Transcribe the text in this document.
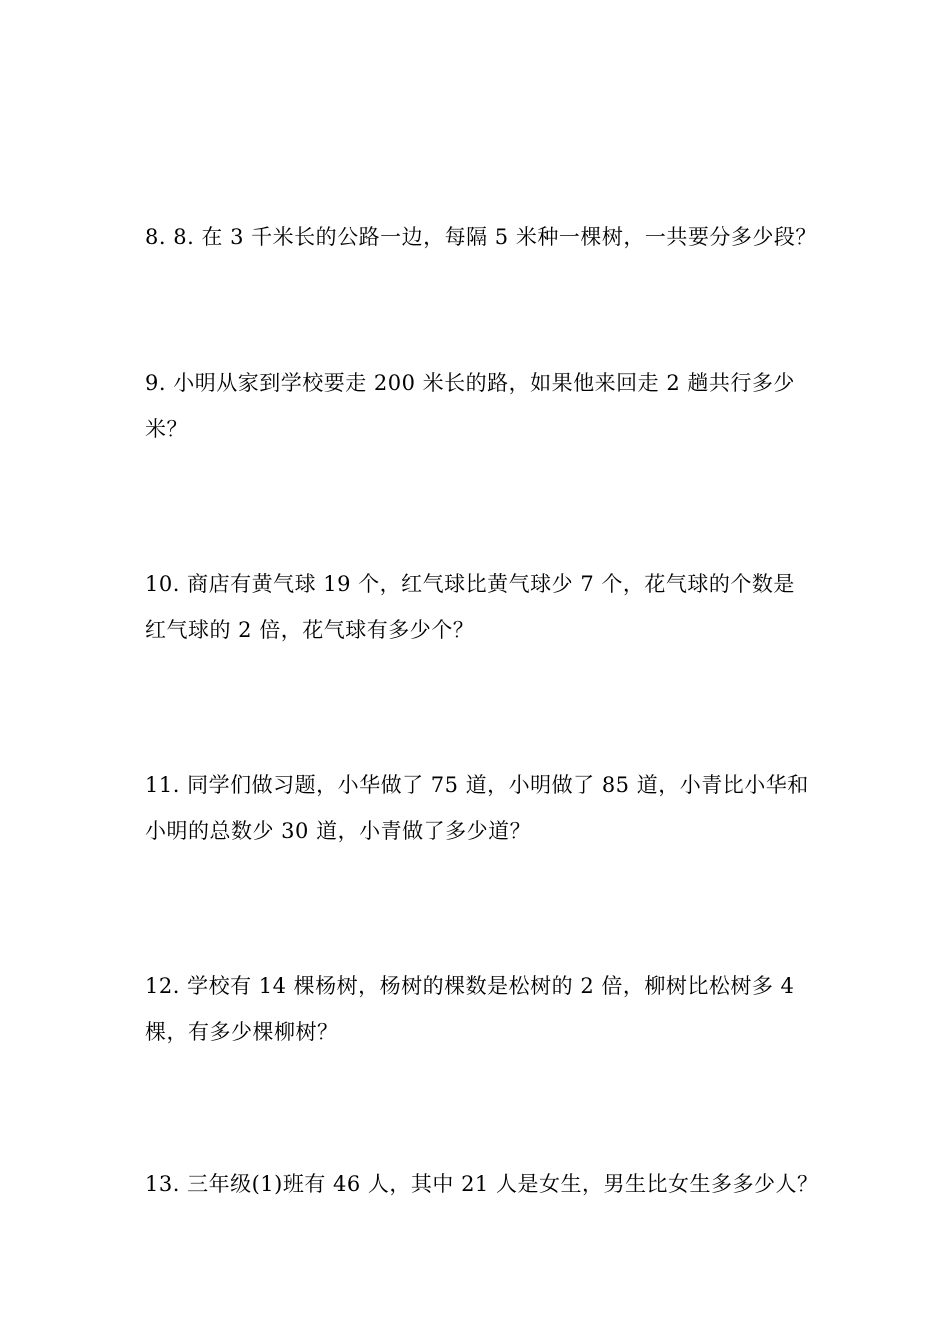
8. 8. 在 3 千米长的公路一边，每隔 5 米种一棵树，一共要分多少段？
9. 小明从家到学校要走 200 米长的路，如果他来回走 2 趟共行多少
米？
10. 商店有黄气球 19 个，红气球比黄气球少 7 个，花气球的个数是
红气球的 2 倍，花气球有多少个？
11. 同学们做习题，小华做了 75 道，小明做了 85 道，小青比小华和
小明的总数少 30 道，小青做了多少道？
12. 学校有 14 棵杨树，杨树的棵数是松树的 2 倍，柳树比松树多 4
棵，有多少棵柳树？
13. 三年级(1)班有 46 人，其中 21 人是女生，男生比女生多多少人？
